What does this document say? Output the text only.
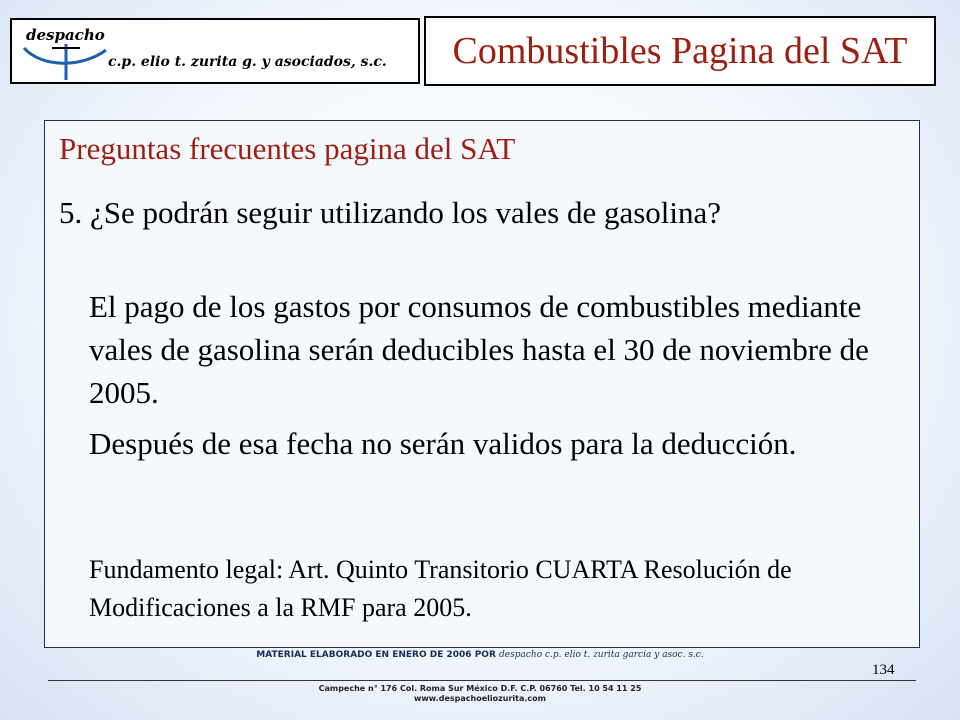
despacho
c.p. elio t. zurita g. y asociados, s.c. Combustibles Pagina del SAT
Preguntas frecuentes pagina del SAT
5. ¿Se podrán seguir utilizando los vales de gasolina?

El pago de los gastos por consumos de combustibles mediante vales de gasolina serán deducibles hasta el 30 de noviembre de 2005.

Después de esa fecha no serán validos para la deducción.

Fundamento legal: Art. Quinto Transitorio CUARTA Resolución de Modificaciones a la RMF para 2005.

MATERIAL ELABORADO EN ENERO DE 2006 POR despacho c.p. elio t. zurita garcia y asoc. s.c.
134
Campeche n° 176 Col. Roma Sur México D.F. C.P. 06760 Tel. 10 54 11 25
www.despachoeliozurita.com
